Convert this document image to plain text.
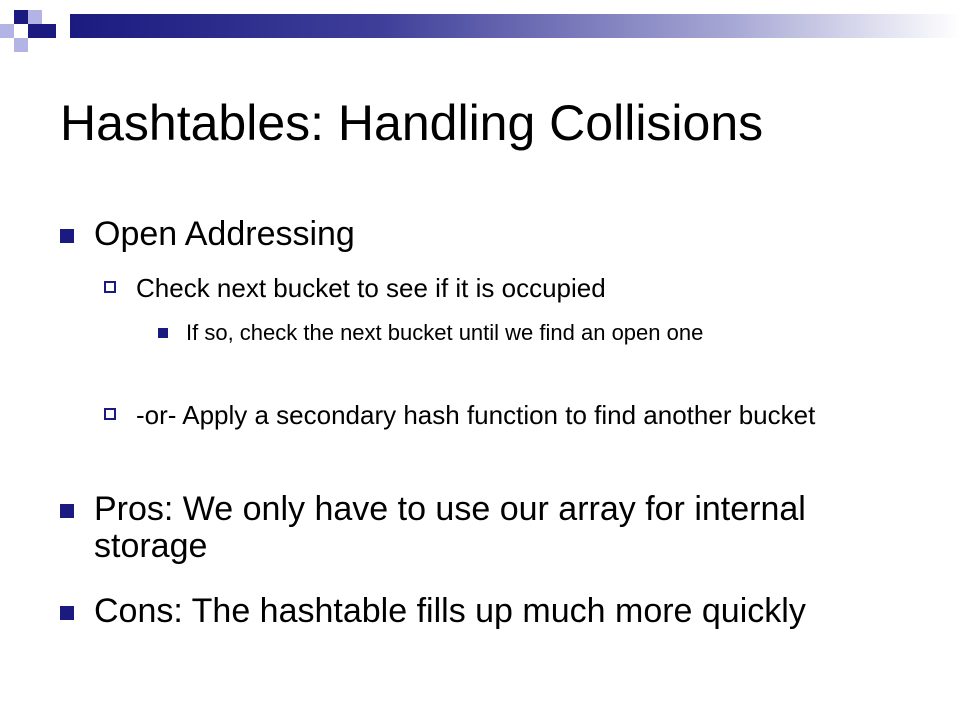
Hashtables: Handling Collisions
Open Addressing
Check next bucket to see if it is occupied
If so, check the next bucket until we find an open one
-or- Apply a secondary hash function to find another bucket
Pros: We only have to use our array for internal storage
Cons: The hashtable fills up much more quickly
